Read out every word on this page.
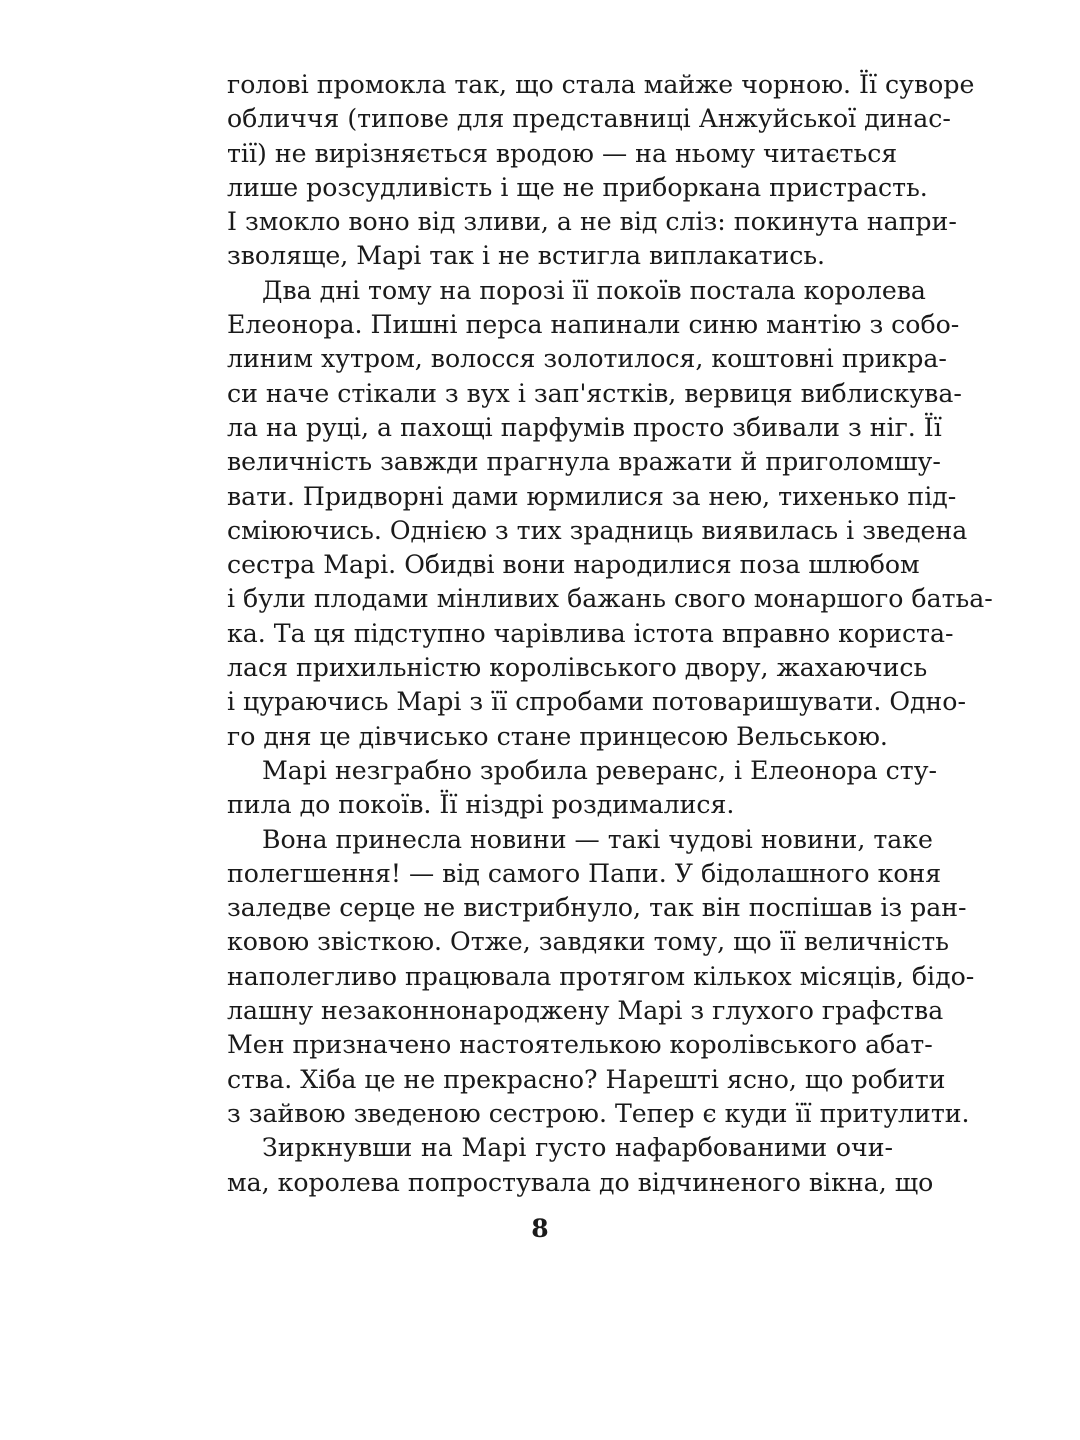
голові промокла так, що стала майже чорною. Її суворе
обличчя (типове для представниці Анжуйської динас-
тії) не вирізняється вродою — на ньому читається
лише розсудливість і ще не приборкана пристрасть.
І змокло воно від зливи, а не від сліз: покинута напри-
зволяще, Марі так і не встигла виплакатись.
Два дні тому на порозі її покоїв постала королева
Елеонора. Пишні перса напинали синю мантію з собо-
линим хутром, волосся золотилося, коштовні прикра-
си наче стікали з вух і зап'ястків, вервиця виблискува-
ла на руці, а пахощі парфумів просто збивали з ніг. Її
величність завжди прагнула вражати й приголомшу-
вати. Придворні дами юрмилися за нею, тихенько під-
сміюючись. Однією з тих зрадниць виявилась і зведена
сестра Марі. Обидві вони народилися поза шлюбом
і були плодами мінливих бажань свого монаршого батьа-
ка. Та ця підступно чарівлива істота вправно користа-
лася прихильністю королівського двору, жахаючись
і цураючись Марі з її спробами потоваришувати. Одно-
го дня це дівчисько стане принцесою Вельською.
Марі незграбно зробила реверанс, і Елеонора сту-
пила до покоїв. Її ніздрі роздималися.
Вона принесла новини — такі чудові новини, таке
полегшення! — від самого Папи. У бідолашного коня
заледве серце не вистрибнуло, так він поспішав із ран-
ковою звісткою. Отже, завдяки тому, що її величність
наполегливо працювала протягом кількох місяців, бідо-
лашну незаконнонароджену Марі з глухого графства
Мен призначено настоятелькою королівського абат-
ства. Хіба це не прекрасно? Нарешті ясно, що робити
з зайвою зведеною сестрою. Тепер є куди її притулити.
Зиркнувши на Марі густо нафарбованими очи-
ма, королева попростувала до відчиненого вікна, що
8
